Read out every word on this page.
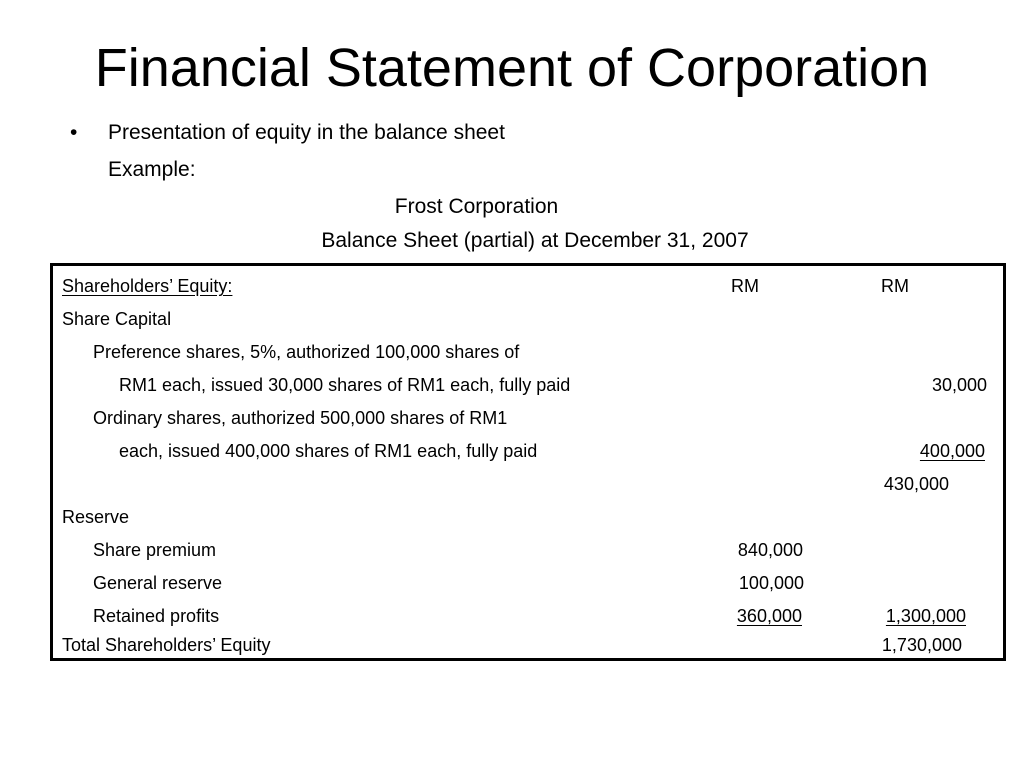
Financial Statement of Corporation
• Presentation of equity in the balance sheet
Example:
Frost Corporation
Balance Sheet (partial) at December 31, 2007
Shareholders’ Equity:	RM	RM
Share Capital
Preference shares, 5%, authorized 100,000 shares of
RM1 each, issued 30,000 shares of RM1 each, fully paid	30,000
Ordinary shares, authorized 500,000 shares of RM1
each, issued 400,000 shares of RM1 each, fully paid	400,000
430,000
Reserve
Share premium	840,000
General reserve	100,000
Retained profits	360,000	1,300,000
Total Shareholders’ Equity	1,730,000
